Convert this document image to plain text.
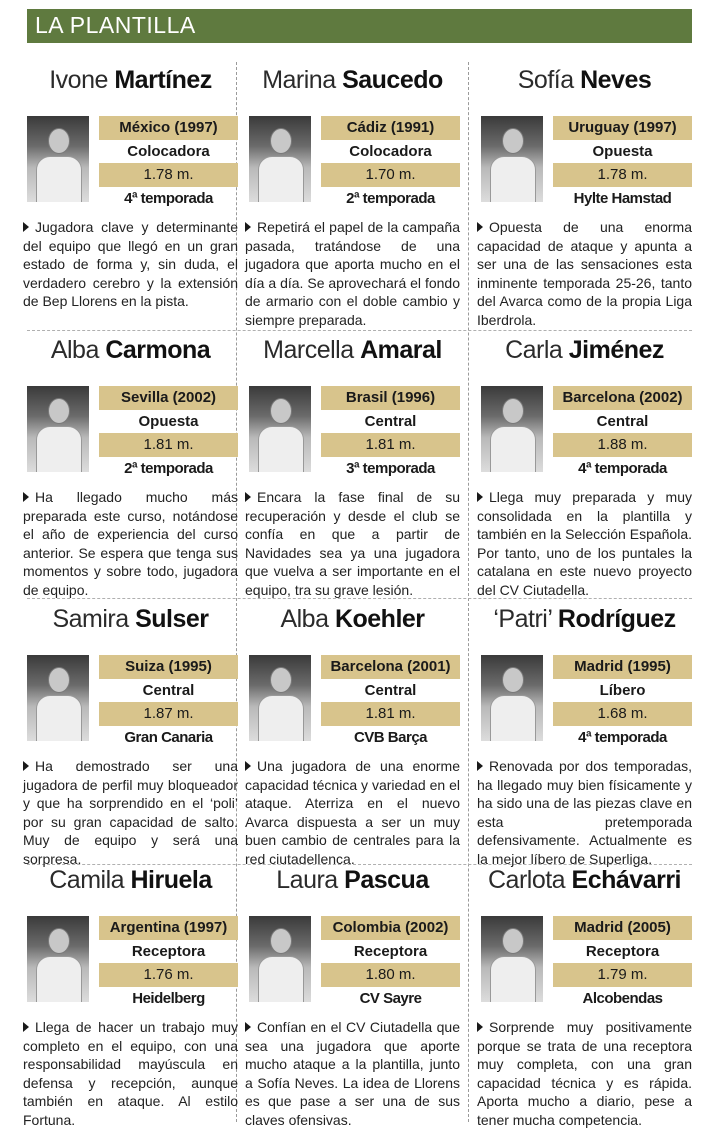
LA PLANTILLA
Ivone Martínez
México (1997)
Colocadora
1.78 m.
4ª temporada
Jugadora clave y determinante del equipo que llegó en un gran estado de forma y, sin duda, el verdadero cerebro y la extensión de Bep Llorens en la pista.
Marina Saucedo
Cádiz (1991)
Colocadora
1.70 m.
2ª temporada
Repetirá el papel de la campaña pasada, tratándose de una jugadora que aporta mucho en el día a día. Se aprovechará el fondo de armario con el doble cambio y siempre preparada.
Sofía Neves
Uruguay (1997)
Opuesta
1.78 m.
Hylte Hamstad
Opuesta de una enorma capacidad de ataque y apunta a ser una de las sensaciones esta inminente temporada 25-26, tanto del Avarca como de la propia Liga Iberdrola.
Alba Carmona
Sevilla (2002)
Opuesta
1.81 m.
2ª temporada
Ha llegado mucho más preparada este curso, notándose el año de experiencia del curso anterior. Se espera que tenga sus momentos y sobre todo, jugadora de equipo.
Marcella Amaral
Brasil (1996)
Central
1.81 m.
3ª temporada
Encara la fase final de su recuperación y desde el club se confía en que a partir de Navidades sea ya una jugadora que vuelva a ser importante en el equipo, tra su grave lesión.
Carla Jiménez
Barcelona (2002)
Central
1.88 m.
4ª temporada
Llega muy preparada y muy consolidada en la plantilla y también en la Selección Española. Por tanto, uno de los puntales la catalana en este nuevo proyecto del CV Ciutadella.
Samira Sulser
Suiza (1995)
Central
1.87 m.
Gran Canaria
Ha demostrado ser una jugadora de perfil muy bloqueador y que ha sorprendido en el ‘poli’ por su gran capacidad de salto. Muy de equipo y será una sorpresa.
Alba Koehler
Barcelona (2001)
Central
1.81 m.
CVB Barça
Una jugadora de una enorme capacidad técnica y variedad en el ataque. Aterriza en el nuevo Avarca dispuesta a ser un muy buen cambio de centrales para la red ciutadellenca.
‘Patri’ Rodríguez
Madrid (1995)
Líbero
1.68 m.
4ª temporada
Renovada por dos temporadas, ha llegado muy bien físicamente y ha sido una de las piezas clave en esta pretemporada defensivamente. Actualmente es la mejor líbero de Superliga.
Camila Hiruela
Argentina (1997)
Receptora
1.76 m.
Heidelberg
Llega de hacer un trabajo muy completo en el equipo, con una responsabilidad mayúscula en defensa y recepción, aunque también en ataque. Al estilo Fortuna.
Laura Pascua
Colombia (2002)
Receptora
1.80 m.
CV Sayre
Confían en el CV Ciutadella que sea una jugadora que aporte mucho ataque a la plantilla, junto a Sofía Neves. La idea de Llorens es que pase a ser una de sus claves ofensivas.
Carlota Echávarri
Madrid (2005)
Receptora
1.79 m.
Alcobendas
Sorprende muy positivamente porque se trata de una receptora muy completa, con una gran capacidad técnica y es rápida. Aporta mucho a diario, pese a tener mucha competencia.
